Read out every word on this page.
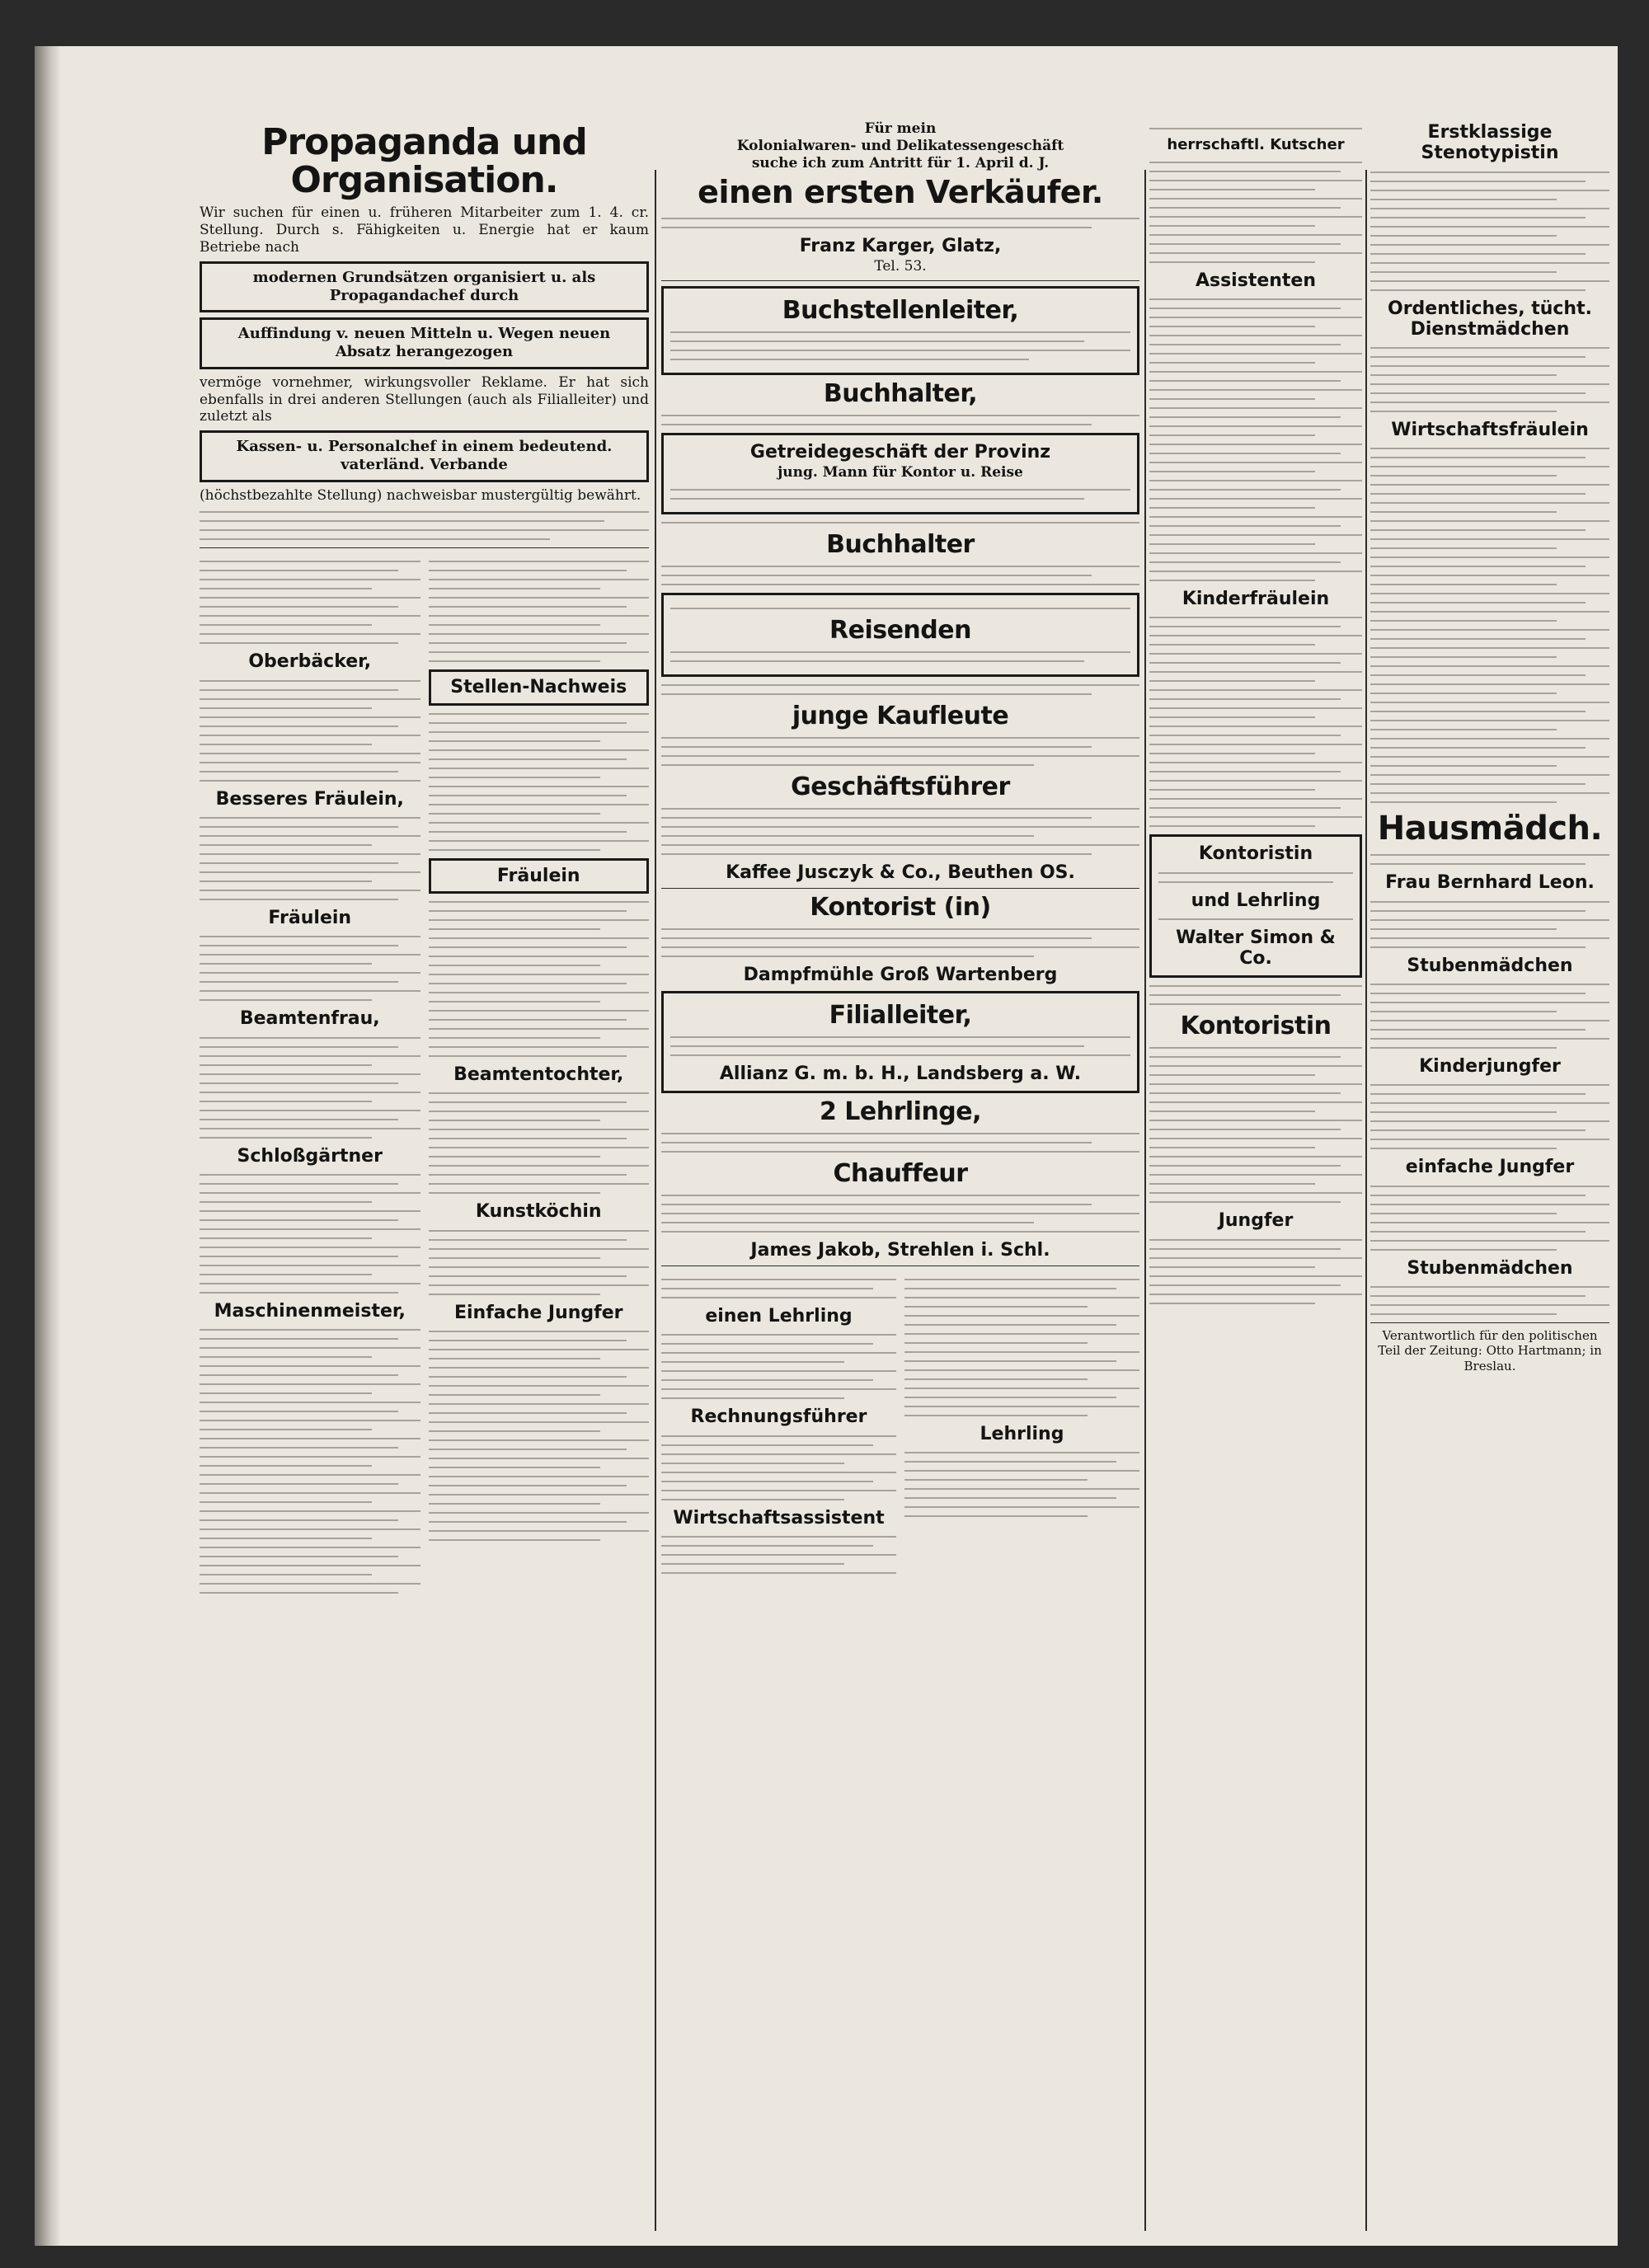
Propaganda und Organisation.
Wir suchen für einen u. früheren Mitarbeiter zum 1. 4. cr. Stellung. Durch s. Fähigkeiten u. Energie hat er kaum Betriebe nach
modernen Grundsätzen organisiert u. als Propagandachef durch
Auffindung v. neuen Mitteln u. Wegen neuen Absatz herangezogen
vermöge vornehmer, wirkungsvoller Reklame. Er hat sich ebenfalls in drei anderen Stellungen (auch als Filialleiter) und zuletzt als
Kassen- u. Personalchef in einem bedeutend. vaterländ. Verbande
(höchstbezahlte Stellung) nachweisbar mustergültig bewährt.
Oberbäcker,
Besseres Fräulein,
Fräulein
Beamtenfrau,
Schloßgärtner
Maschinenmeister,
Stellen-Nachweis
Fräulein
Beamtentochter,
Kunstköchin
Einfache Jungfer
Für mein
Kolonialwaren- und Delikatessengeschäft
suche ich zum Antritt für 1. April d. J.
einen ersten Verkäufer.
Franz Karger, Glatz,
Tel. 53.
Buchstellenleiter,
Buchhalter,
Getreidegeschäft der Provinz
jung. Mann für Kontor u. Reise
Buchhalter
Reisenden
junge Kaufleute
Geschäftsführer
Kaffee Jusczyk & Co., Beuthen OS.
Kontorist (in)
Dampfmühle Groß Wartenberg
Filialleiter,
Allianz G. m. b. H., Landsberg a. W.
2 Lehrlinge,
Chauffeur
James Jakob, Strehlen i. Schl.
einen Lehrling
Rechnungsführer
Wirtschaftsassistent
Lehrling
herrschaftl. Kutscher
Assistenten
Kinderfräulein
Kontoristin
und Lehrling
Walter Simon & Co.
Kontoristin
Jungfer
Erstklassige Stenotypistin
Ordentliches, tücht. Dienstmädchen
Wirtschaftsfräulein
Hausmädch.
Frau Bernhard Leon.
Stubenmädchen
Kinderjungfer
einfache Jungfer
Stubenmädchen
Verantwortlich für den politischen Teil der Zeitung: Otto Hartmann; in Breslau.
